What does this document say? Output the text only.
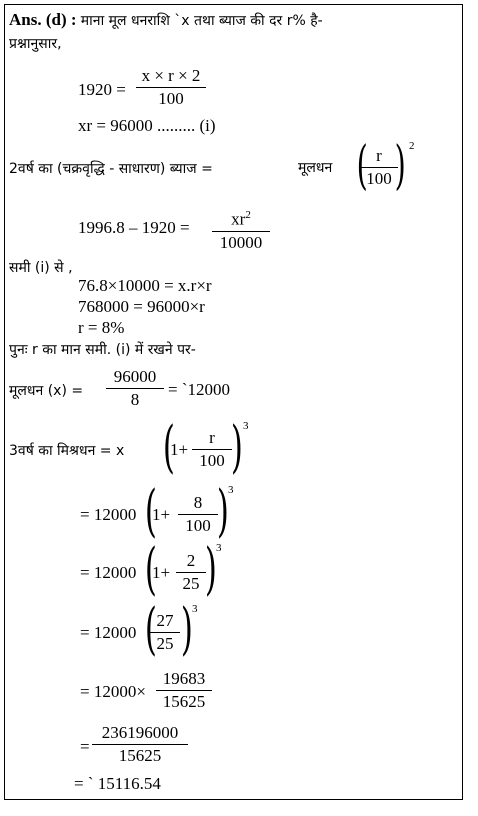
Ans. (d) : माना मूल धनराशि `x तथा ब्याज की दर r% है-
प्रश्नानुसार,
1920 =
x × r × 2
100
xr = 96000 ......... (i)
2वर्ष का (चक्रवृद्धि - साधारण) ब्याज =	मूलधन ( r
100 ) 2
1996.8 – 1920 =	$xr^2$
10000
समी (i) से ,
76.8×10000 = x.r×r
768000 = 96000×r
r = 8%
पुनः r का मान समी. (i) में रखने पर-
मूलधन (x) =
96000
8
= `12000
3वर्ष का मिश्रधन = x (
1+
r
100 ) 3
= 12000 (
1+
8
100 ) 3
= 12000 (
1+
2
25 ) 3
= 12000 ( 27
25 ) 3
= 12000×
19683
15625
=
236196000
15625
= ` 15116.54
